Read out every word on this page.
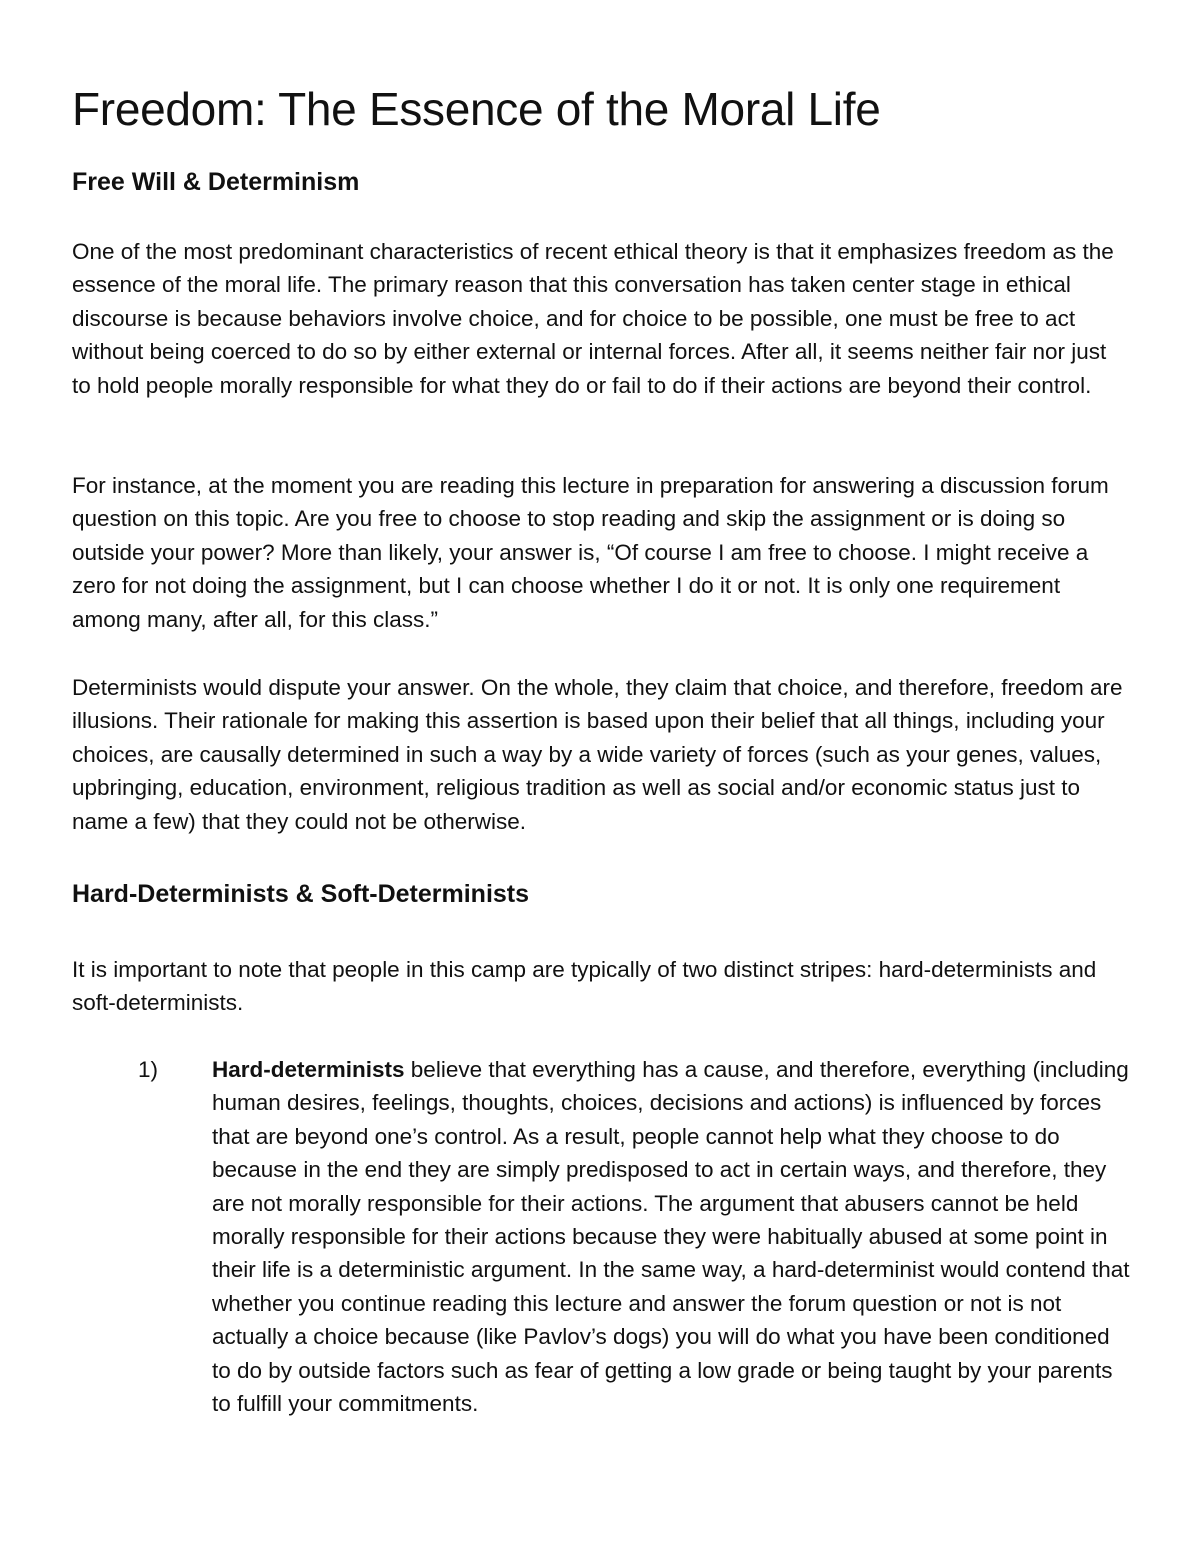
Freedom: The Essence of the Moral Life
Free Will & Determinism

One of the most predominant characteristics of recent ethical theory is that it emphasizes freedom as the essence of the moral life. The primary reason that this conversation has taken center stage in ethical discourse is because behaviors involve choice, and for choice to be possible, one must be free to act without being coerced to do so by either external or internal forces. After all, it seems neither fair nor just to hold people morally responsible for what they do or fail to do if their actions are beyond their control.

For instance, at the moment you are reading this lecture in preparation for answering a discussion forum question on this topic. Are you free to choose to stop reading and skip the assignment or is doing so outside your power? More than likely, your answer is, “Of course I am free to choose. I might receive a zero for not doing the assignment, but I can choose whether I do it or not. It is only one requirement among many, after all, for this class.”

Determinists would dispute your answer. On the whole, they claim that choice, and therefore, freedom are illusions. Their rationale for making this assertion is based upon their belief that all things, including your choices, are causally determined in such a way by a wide variety of forces (such as your genes, values, upbringing, education, environment, religious tradition as well as social and/or economic status just to name a few) that they could not be otherwise.

Hard-Determinists & Soft-Determinists

It is important to note that people in this camp are typically of two distinct stripes: hard-determinists and soft-determinists.

1) Hard-determinists believe that everything has a cause, and therefore, everything (including human desires, feelings, thoughts, choices, decisions and actions) is influenced by forces that are beyond one’s control. As a result, people cannot help what they choose to do because in the end they are simply predisposed to act in certain ways, and therefore, they are not morally responsible for their actions. The argument that abusers cannot be held morally responsible for their actions because they were habitually abused at some point in their life is a deterministic argument. In the same way, a hard-determinist would contend that whether you continue reading this lecture and answer the forum question or not is not actually a choice because (like Pavlov’s dogs) you will do what you have been conditioned to do by outside factors such as fear of getting a low grade or being taught by your parents to fulfill your commitments.
